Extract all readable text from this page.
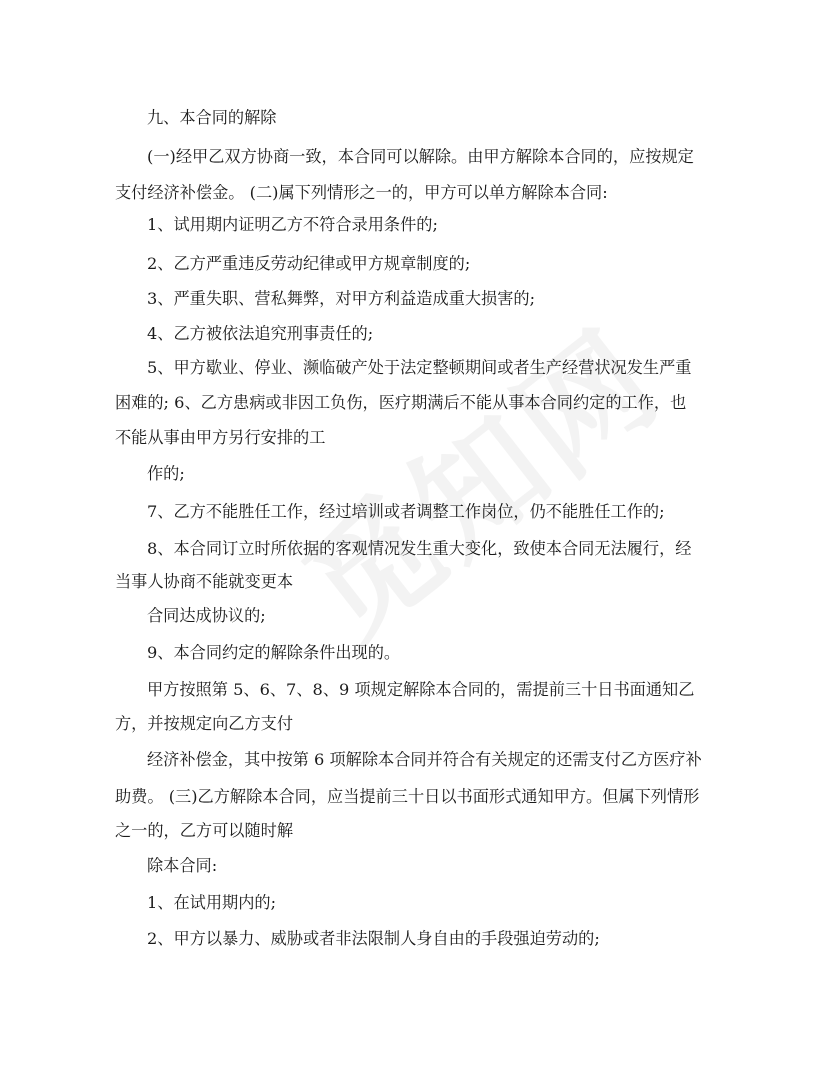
九、本合同的解除

(一)经甲乙双方协商一致，本合同可以解除。由甲方解除本合同的，应按规定

支付经济补偿金。 (二)属下列情形之一的，甲方可以单方解除本合同:

1、试用期内证明乙方不符合录用条件的;

2、乙方严重违反劳动纪律或甲方规章制度的;

3、严重失职、营私舞弊，对甲方利益造成重大损害的;

4、乙方被依法追究刑事责任的;

5、甲方歇业、停业、濒临破产处于法定整顿期间或者生产经营状况发生严重

困难的; 6、乙方患病或非因工负伤，医疗期满后不能从事本合同约定的工作，也

不能从事由甲方另行安排的工

作的;

7、乙方不能胜任工作，经过培训或者调整工作岗位，仍不能胜任工作的;

8、本合同订立时所依据的客观情况发生重大变化，致使本合同无法履行，经

当事人协商不能就变更本

合同达成协议的;

9、本合同约定的解除条件出现的。

甲方按照第 5、6、7、8、9 项规定解除本合同的，需提前三十日书面通知乙

方，并按规定向乙方支付

经济补偿金，其中按第 6 项解除本合同并符合有关规定的还需支付乙方医疗补

助费。 (三)乙方解除本合同，应当提前三十日以书面形式通知甲方。但属下列情形

之一的，乙方可以随时解

除本合同:

1、在试用期内的;

2、甲方以暴力、威胁或者非法限制人身自由的手段强迫劳动的;
